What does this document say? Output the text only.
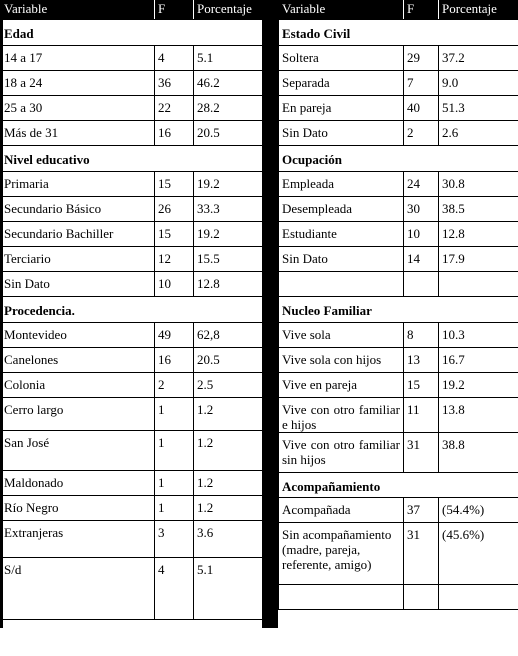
Variable	F	Porcentaje
Edad		
14 a 17	4	5.1
18 a 24	36	46.2
25 a 30	22	28.2
Más de 31	16	20.5
Nivel educativo		
Primaria	15	19.2
Secundario Básico	26	33.3
Secundario Bachiller	15	19.2
Terciario	12	15.5
Sin Dato	10	12.8
Procedencia.		
Montevideo	49	62,8
Canelones	16	20.5
Colonia	2	2.5
Cerro largo	1	1.2
San José	1	1.2
Maldonado	1	1.2
Río Negro	1	1.2
Extranjeras	3	3.6
S/d	4	5.1
Variable	F	Porcentaje
Estado Civil		
Soltera	29	37.2
Separada	7	9.0
En pareja	40	51.3
Sin Dato	2	2.6
Ocupación		
Empleada	24	30.8
Desempleada	30	38.5
Estudiante	10	12.8
Sin Dato	14	17.9

Nucleo Familiar		
Vive sola	8	10.3
Vive sola con hijos	13	16.7
Vive en pareja	15	19.2
Vive con otro familiar e hijos	11	13.8
Vive con otro familiar sin hijos	31	38.8
Acompañamiento		
Acompañada	37	(54.4%)
Sin acompañamiento (madre, pareja, referente, amigo)	31	(45.6%)
